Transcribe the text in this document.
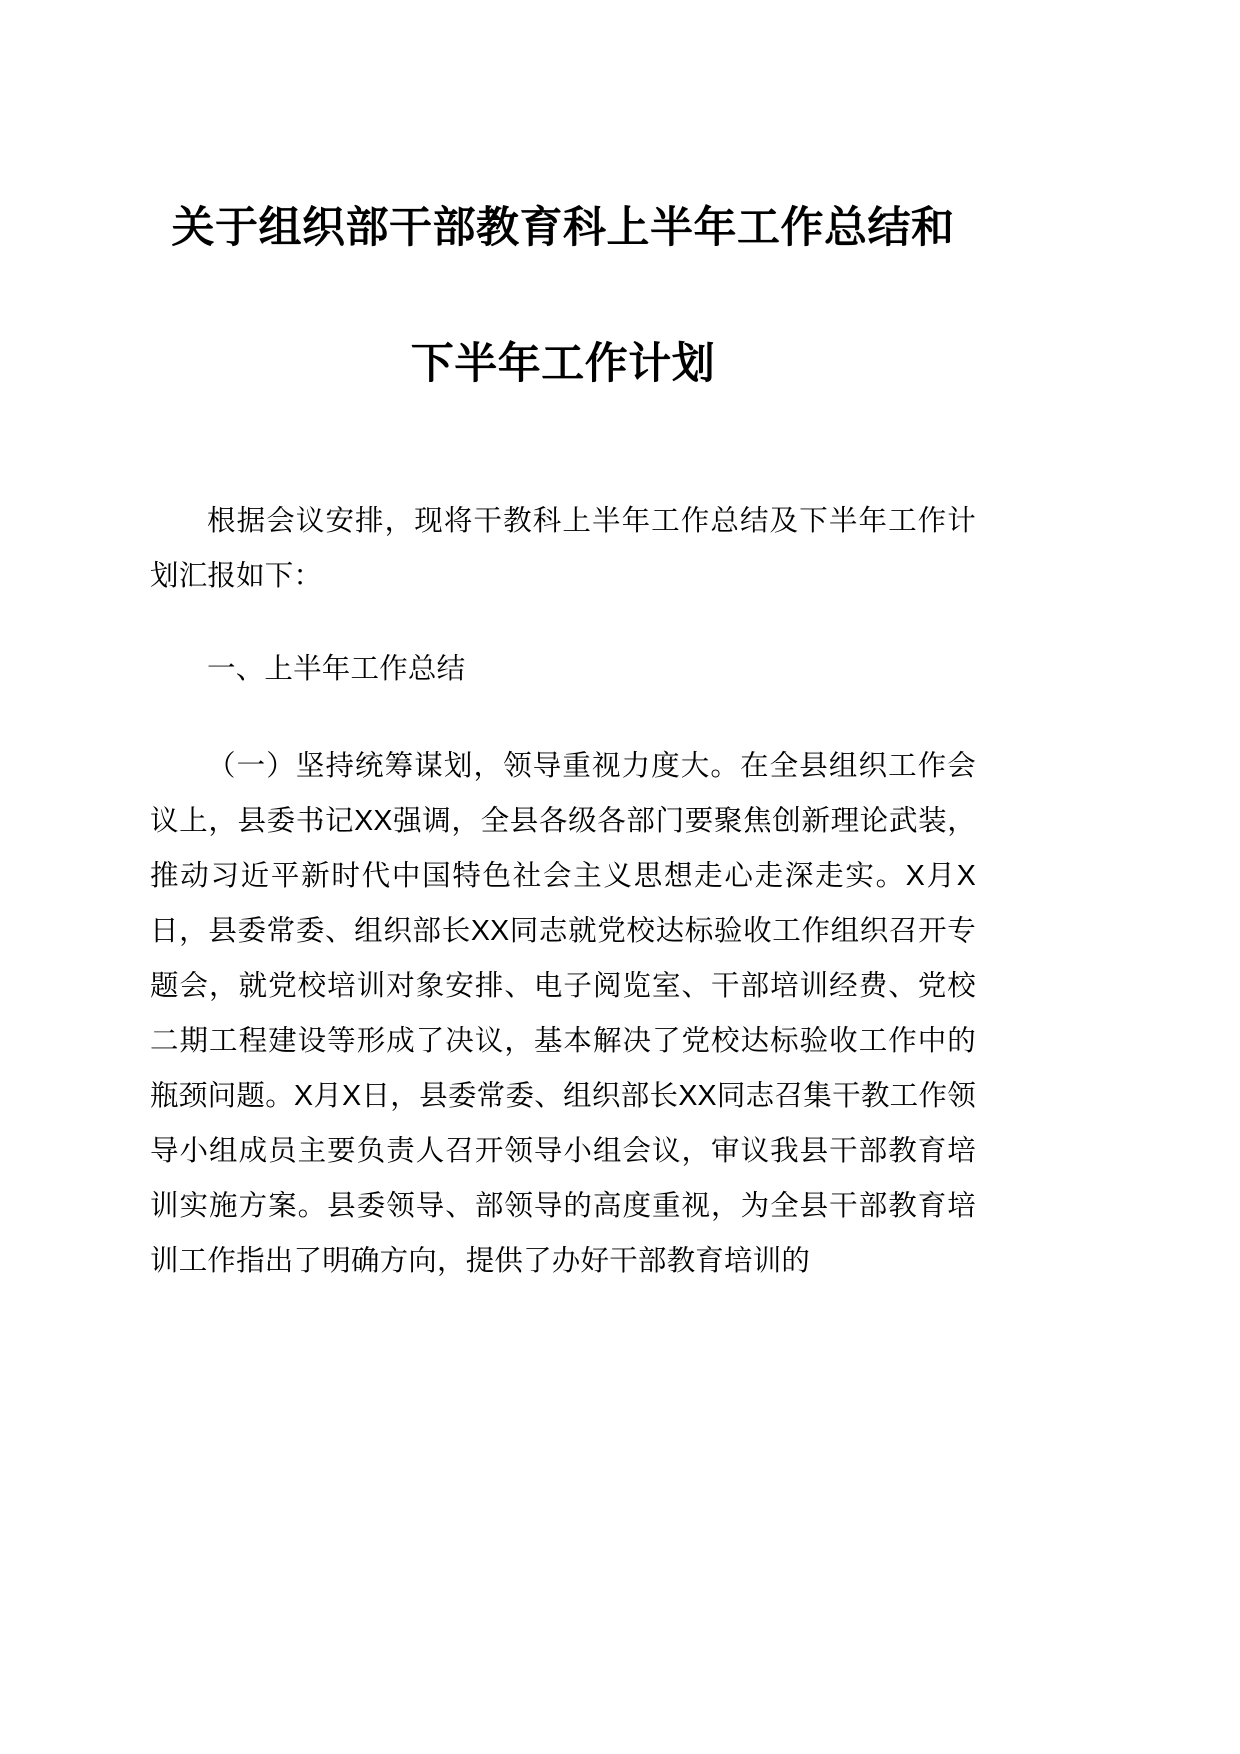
关于组织部干部教育科上半年工作总结和
下半年工作计划

根据会议安排，现将干教科上半年工作总结及下半年工作计划汇报如下：

一、上半年工作总结

（一）坚持统筹谋划，领导重视力度大。在全县组织工作会议上，县委书记XX强调，全县各级各部门要聚焦创新理论武装，推动习近平新时代中国特色社会主义思想走心走深走实。X月X日，县委常委、组织部长XX同志就党校达标验收工作组织召开专题会，就党校培训对象安排、电子阅览室、干部培训经费、党校二期工程建设等形成了决议，基本解决了党校达标验收工作中的瓶颈问题。X月X日，县委常委、组织部长XX同志召集干教工作领导小组成员主要负责人召开领导小组会议，审议我县干部教育培训实施方案。县委领导、部领导的高度重视，为全县干部教育培训工作指出了明确方向，提供了办好干部教育培训的
